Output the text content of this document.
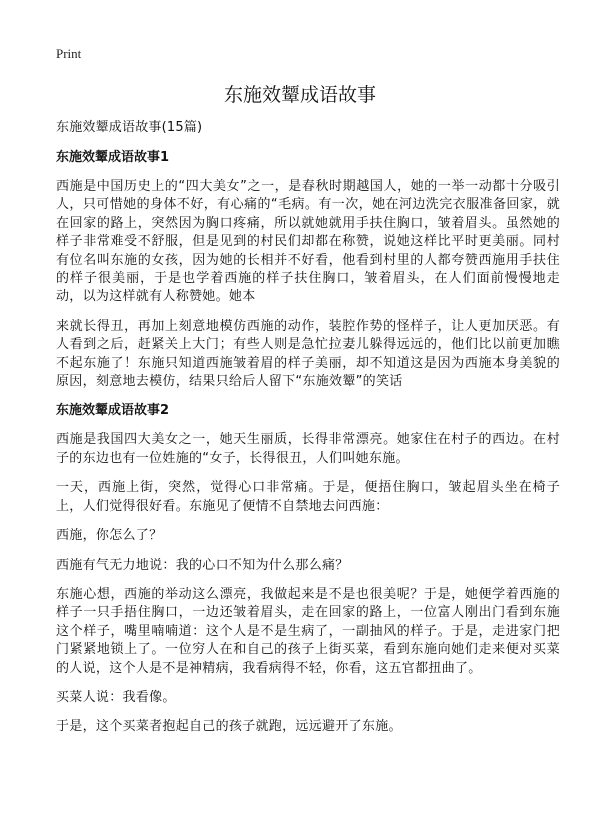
Print
东施效颦成语故事

东施效颦成语故事(15篇)

东施效颦成语故事1

西施是中国历史上的“四大美女”之一，是春秋时期越国人，她的一举一动都十分吸引人，只可惜她的身体不好，有心痛的“毛病。有一次，她在河边洗完衣服准备回家，就在回家的路上，突然因为胸口疼痛，所以就她就用手扶住胸口，皱着眉头。虽然她的样子非常难受不舒服，但是见到的村民们却都在称赞，说她这样比平时更美丽。同村有位名叫东施的女孩，因为她的长相并不好看，他看到村里的人都夸赞西施用手扶住的样子很美丽，于是也学着西施的样子扶住胸口，皱着眉头，在人们面前慢慢地走动，以为这样就有人称赞她。她本

来就长得丑，再加上刻意地模仿西施的动作，装腔作势的怪样子，让人更加厌恶。有人看到之后，赶紧关上大门；有些人则是急忙拉妻儿躲得远远的，他们比以前更加瞧不起东施了！东施只知道西施皱着眉的样子美丽，却不知道这是因为西施本身美貌的原因，刻意地去模仿，结果只给后人留下“东施效颦”的笑话

东施效颦成语故事2

西施是我国四大美女之一，她天生丽质，长得非常漂亮。她家住在村子的西边。在村子的东边也有一位姓施的“女子，长得很丑，人们叫她东施。

一天，西施上街，突然，觉得心口非常痛。于是，便捂住胸口，皱起眉头坐在椅子上，人们觉得很好看。东施见了便情不自禁地去问西施：

西施，你怎么了？

西施有气无力地说：我的心口不知为什么那么痛？

东施心想，西施的举动这么漂亮，我做起来是不是也很美呢？于是，她便学着西施的样子一只手捂住胸口，一边还皱着眉头，走在回家的路上，一位富人刚出门看到东施这个样子，嘴里喃喃道：这个人是不是生病了，一副抽风的样子。于是，走进家门把门紧紧地锁上了。一位穷人在和自己的孩子上街买菜，看到东施向她们走来便对买菜的人说，这个人是不是神精病，我看病得不轻，你看，这五官都扭曲了。

买菜人说：我看像。

于是，这个买菜者抱起自己的孩子就跑，远远避开了东施。
